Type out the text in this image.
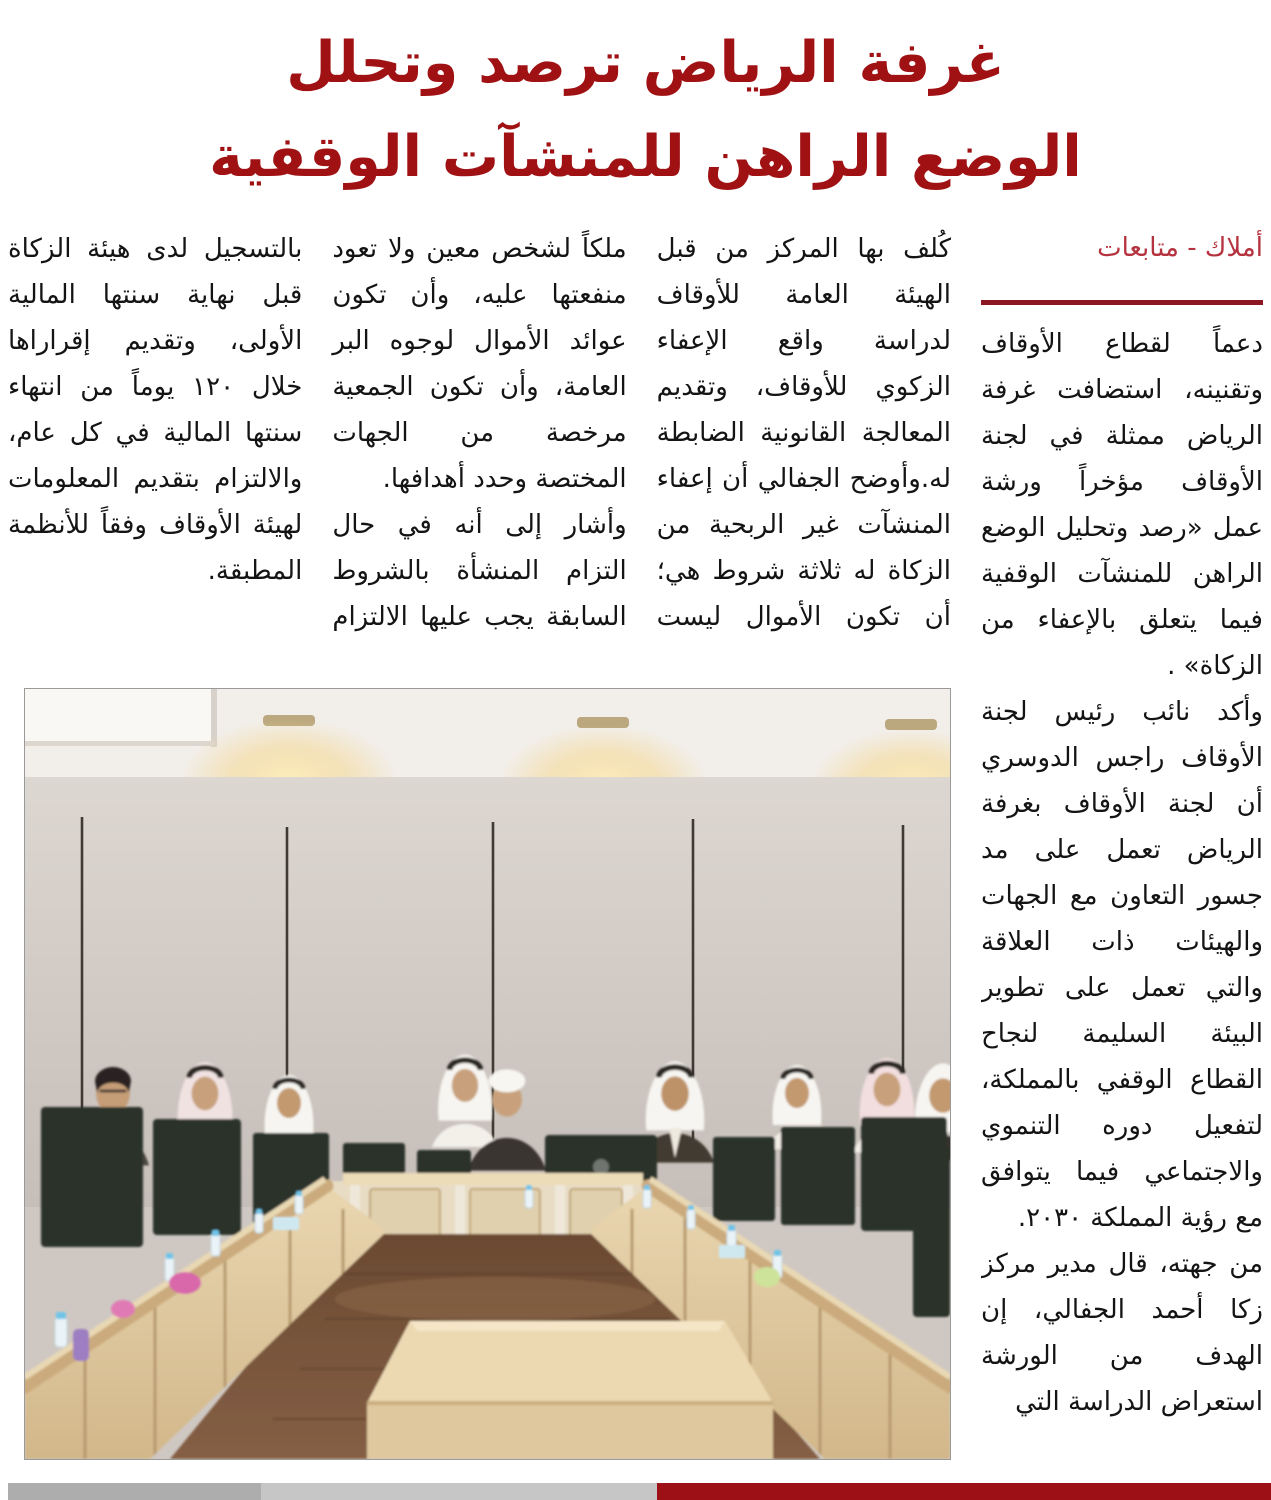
غرفة الرياض ترصد وتحلل
الوضع الراهن للمنشآت الوقفية
أملاك - متابعات

دعماً لقطاع الأوقاف وتقنينه، استضافت غرفة الرياض ممثلة في لجنة الأوقاف مؤخراً ورشة عمل «رصد وتحليل الوضع الراهن للمنشآت الوقفية فيما يتعلق بالإعفاء من الزكاة» .

وأكد نائب رئيس لجنة الأوقاف راجس الدوسري أن لجنة الأوقاف بغرفة الرياض تعمل على مد جسور التعاون مع الجهات والهيئات ذات العلاقة والتي تعمل على تطوير البيئة السليمة لنجاح القطاع الوقفي بالمملكة، لتفعيل دوره التنموي والاجتماعي فيما يتوافق مع رؤية المملكة ٢٠٣٠.

من جهته، قال مدير مركز زكا أحمد الجفالي، إن الهدف من الورشة استعراض الدراسة التي

كُلف بها المركز من قبل الهيئة العامة للأوقاف لدراسة واقع الإعفاء الزكوي للأوقاف، وتقديم المعالجة القانونية الضابطة له.وأوضح الجفالي أن إعفاء المنشآت غير الربحية من الزكاة له ثلاثة شروط هي؛ أن تكون الأموال ليست ملكاً لشخص معين ولا تعود منفعتها عليه، وأن تكون عوائد الأموال لوجوه البر العامة، وأن تكون الجمعية مرخصة من الجهات المختصة وحدد أهدافها.

وأشار إلى أنه في حال التزام المنشأة بالشروط السابقة يجب عليها الالتزام بالتسجيل لدى هيئة الزكاة قبل نهاية سنتها المالية الأولى، وتقديم إقراراها خلال ١٢٠ يوماً من انتهاء سنتها المالية في كل عام، والالتزام بتقديم المعلومات لهيئة الأوقاف وفقاً للأنظمة المطبقة.
